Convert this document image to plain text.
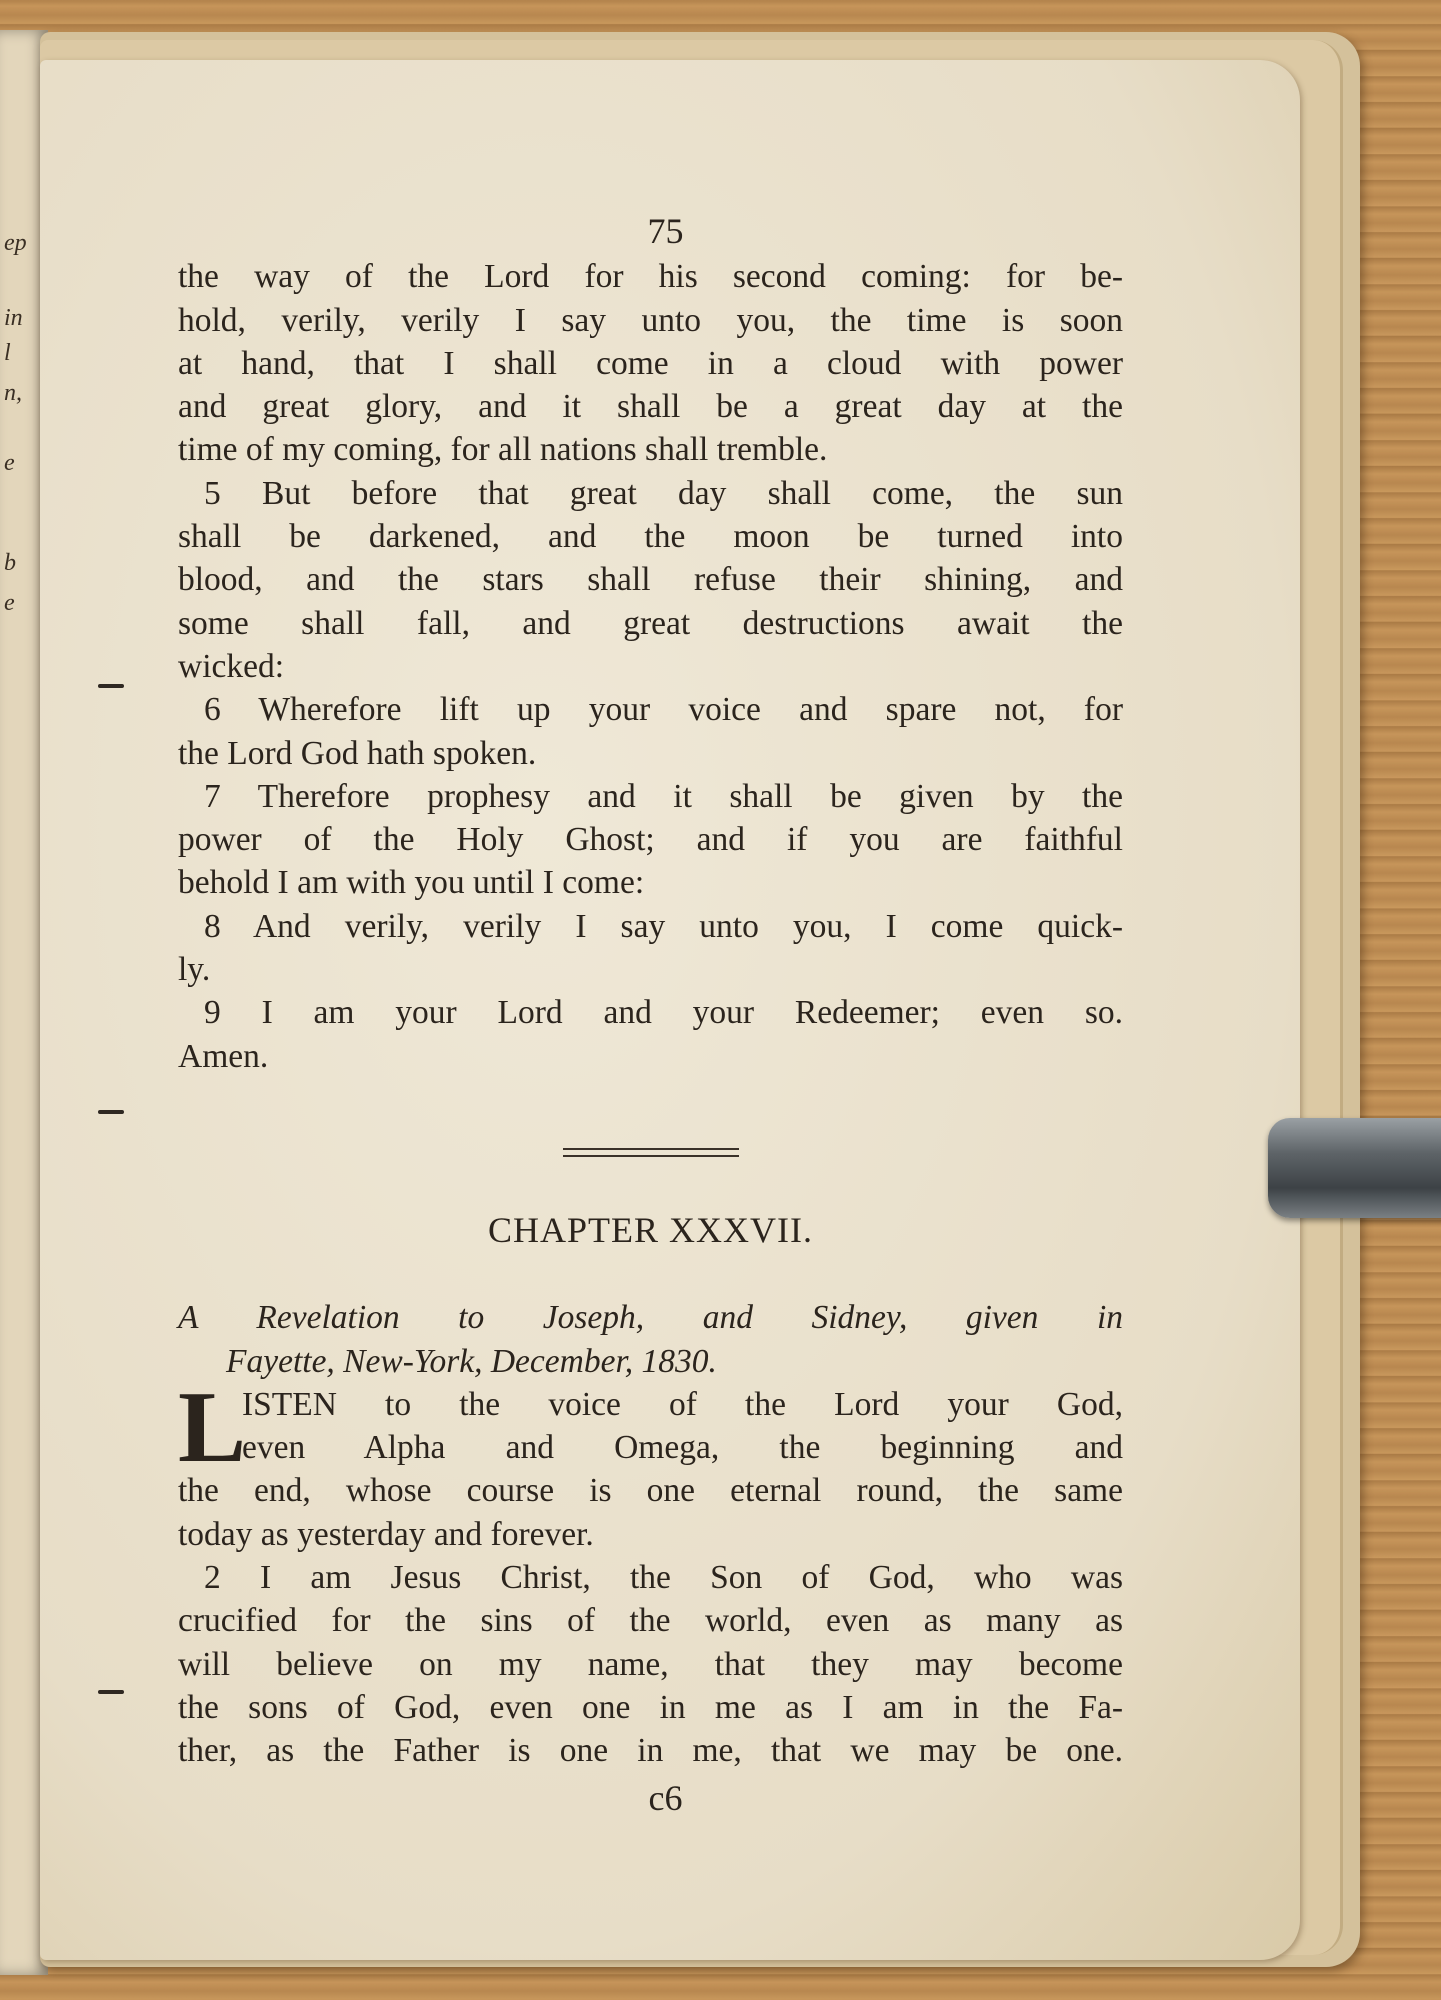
ep
in
l
n,
e
b
e
75
the way of the Lord for his second coming: for be-
hold, verily, verily I say unto you, the time is soon
at hand, that I shall come in a cloud with power
and great glory, and it shall be a great day at the
time of my coming, for all nations shall tremble.
5 But before that great day shall come, the sun
shall be darkened, and the moon be turned into
blood, and the stars shall refuse their shining, and
some shall fall, and great destructions await the
wicked:
6 Wherefore lift up your voice and spare not, for
the Lord God hath spoken.
7 Therefore prophesy and it shall be given by the
power of the Holy Ghost; and if you are faithful
behold I am with you until I come:
8 And verily, verily I say unto you, I come quick-
ly.
9 I am your Lord and your Redeemer; even so.
Amen.
CHAPTER XXXVII.
A Revelation to Joseph, and Sidney, given in
Fayette, New-York, December, 1830.
L
ISTEN to the voice of the Lord your God,
even Alpha and Omega, the beginning and
the end, whose course is one eternal round, the same
today as yesterday and forever.
2 I am Jesus Christ, the Son of God, who was
crucified for the sins of the world, even as many as
will believe on my name, that they may become
the sons of God, even one in me as I am in the Fa-
ther, as the Father is one in me, that we may be one.
c6
